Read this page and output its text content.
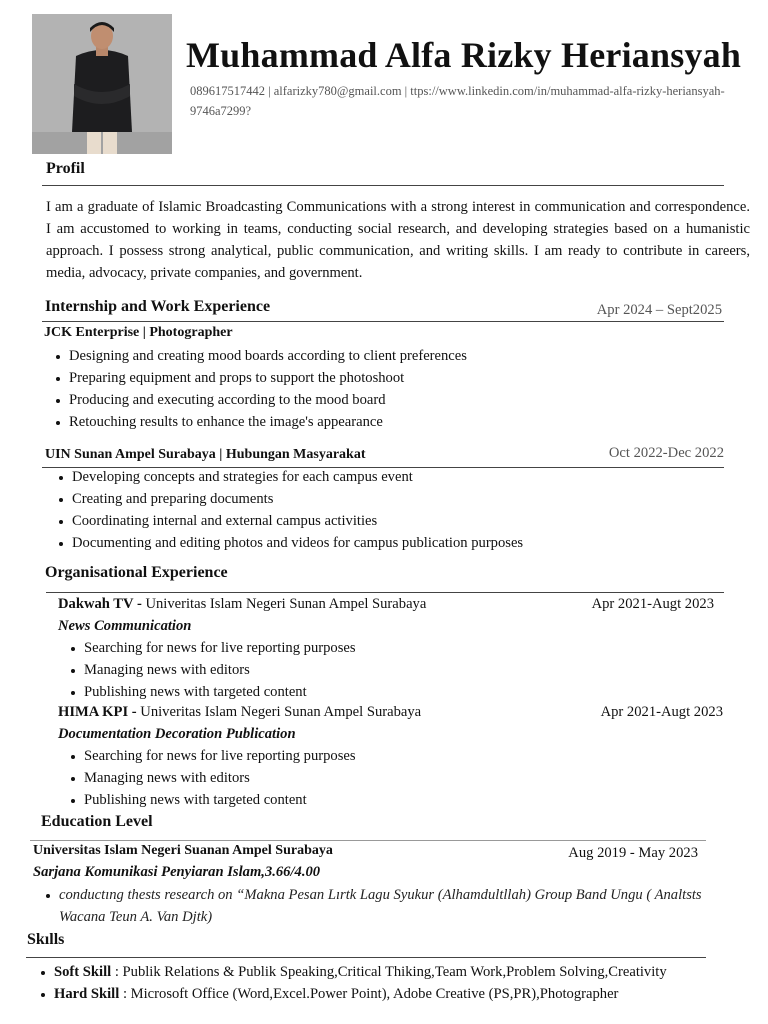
Muhammad Alfa Rizky Heriansyah
089617517442 | alfarizky780@gmail.com | ttps://www.linkedin.com/in/muhammad-alfa-rizky-heriansyah-9746a7299?
Profil
I am a graduate of Islamic Broadcasting Communications with a strong interest in communication and correspondence. I am accustomed to working in teams, conducting social research, and developing strategies based on a humanistic approach. I possess strong analytical, public communication, and writing skills. I am ready to contribute in careers, media, advocacy, private companies, and government.
Internship and Work Experience	Apr 2024 – Sept2025
JCK Enterprise | Photographer
Designing and creating mood boards according to client preferences
Preparing equipment and props to support the photoshoot
Producing and executing according to the mood board
Retouching results to enhance the image's appearance
UIN Sunan Ampel Surabaya | Hubungan Masyarakat	Oct 2022-Dec 2022
Developing concepts and strategies for each campus event
Creating and preparing documents
Coordinating internal and external campus activities
Documenting and editing photos and videos for campus publication purposes
Organisational Experience
Dakwah TV - Univeritas Islam Negeri Sunan Ampel Surabaya	Apr 2021-Augt 2023
News Communication
Searching for news for live reporting purposes
Managing news with editors
Publishing news with targeted content
HIMA KPI - Univeritas Islam Negeri Sunan Ampel Surabaya	Apr 2021-Augt 2023
Documentation Decoration Publication
Searching for news for live reporting purposes
Managing news with editors
Publishing news with targeted content
Education Level
Universitas Islam Negeri Suanan Ampel Surabaya	Aug 2019 - May 2023
Sarjana Komunikasi Penyiaran Islam,3.66/4.00
conductıng thests research on “Makna Pesan Lırtk Lagu Syukur (Alhamdultllah) Group Band Ungu ( Analtsts Wacana Teun A. Van Djtk)
Skılls
Soft Skill : Publik Relations & Publik Speaking,Critical Thiking,Team Work,Problem Solving,Creativity
Hard Skill : Microsoft Office (Word,Excel.Power Point), Adobe Creative (PS,PR),Photographer
